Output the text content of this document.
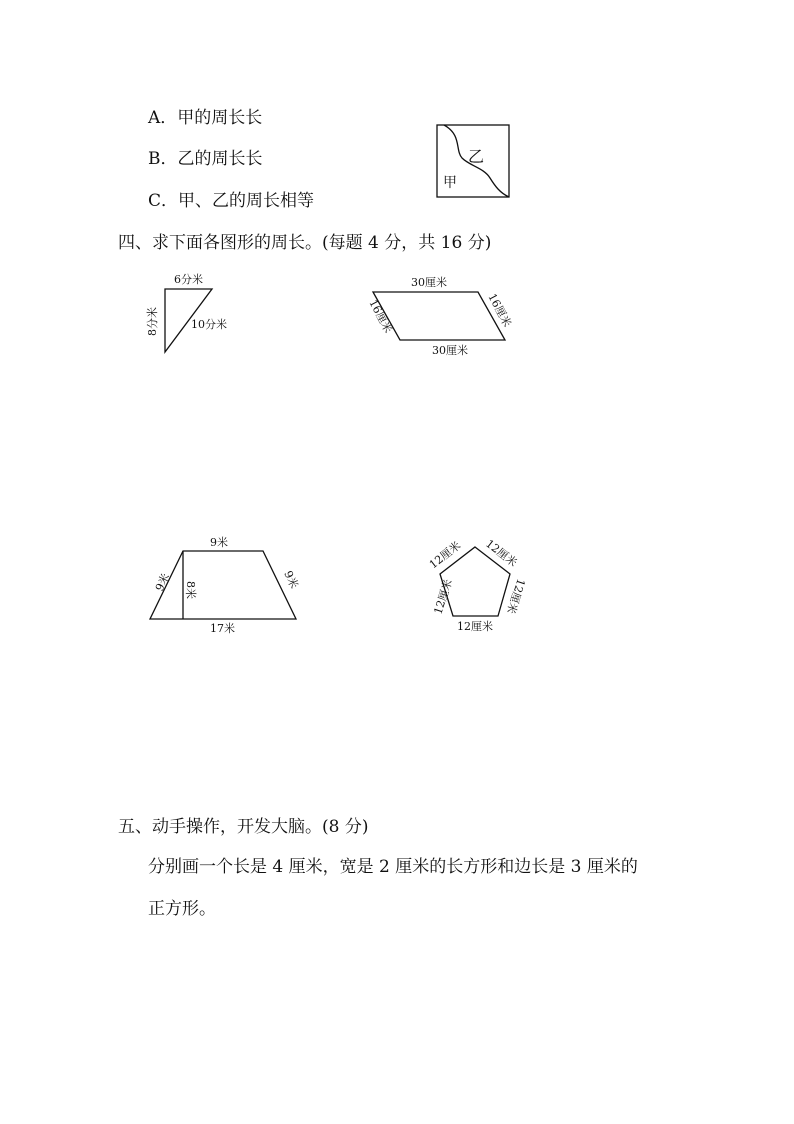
A．甲的周长长
B．乙的周长长
C．甲、乙的周长相等
四、求下面各图形的周长。(每题 4 分，共 16 分)
五、动手操作，开发大脑。(8 分)
分别画一个长是 4 厘米，宽是 2 厘米的长方形和边长是 3 厘米的
正方形。
乙
甲
6分米
8分米	10分米
30厘米
30厘米
16厘米	16厘米
9米
17米
9米	9米
8米
12厘米 12厘米
12厘米	12厘米
12厘米
